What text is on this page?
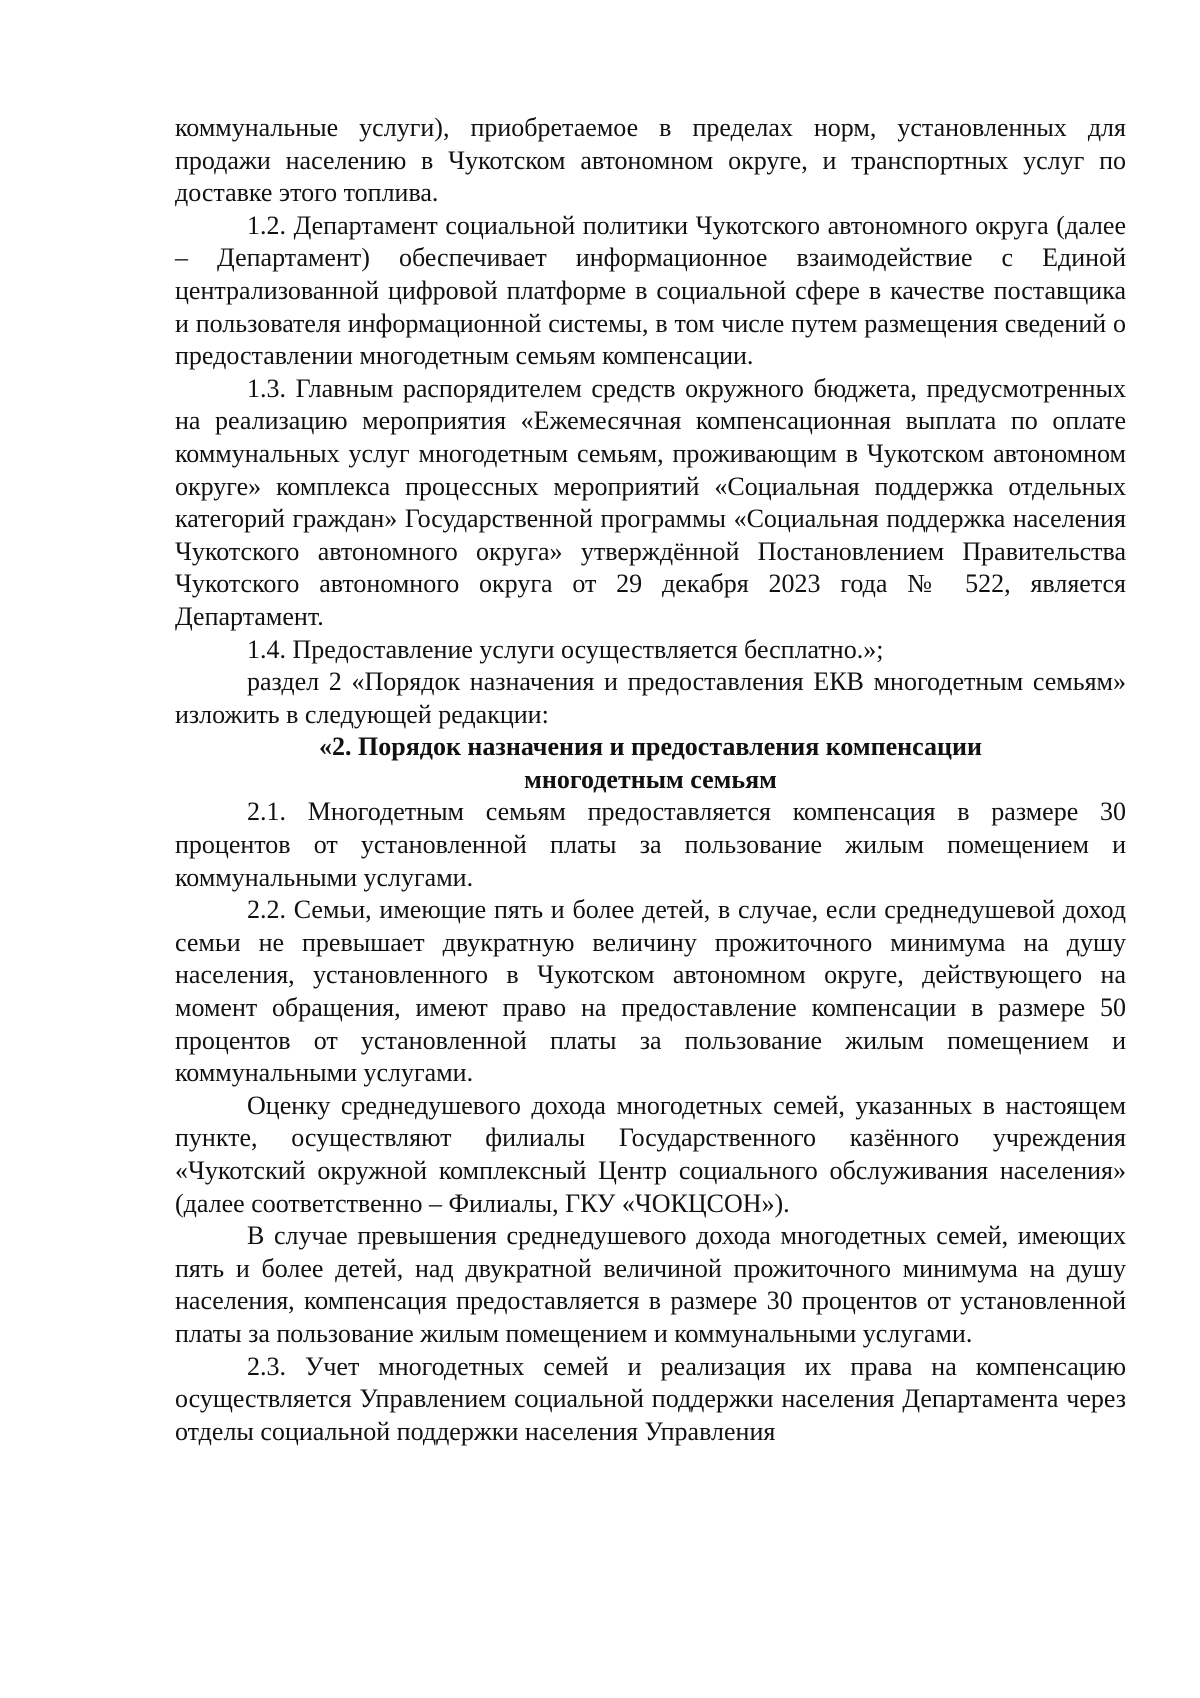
коммунальные услуги), приобретаемое в пределах норм, установленных для продажи населению в Чукотском автономном округе, и транспортных услуг по доставке этого топлива.

1.2. Департамент социальной политики Чукотского автономного округа (далее – Департамент) обеспечивает информационное взаимодействие с Единой централизованной цифровой платформе в социальной сфере в качестве поставщика и пользователя информационной системы, в том числе путем размещения сведений о предоставлении многодетным семьям компенсации.

1.3. Главным распорядителем средств окружного бюджета, предусмотренных на реализацию мероприятия «Ежемесячная компенсационная выплата по оплате коммунальных услуг многодетным семьям, проживающим в Чукотском автономном округе» комплекса процессных мероприятий «Социальная поддержка отдельных категорий граждан» Государственной программы «Социальная поддержка населения Чукотского автономного округа» утверждённой Постановлением Правительства Чукотского автономного округа от 29 декабря 2023 года № 522, является Департамент.

1.4. Предоставление услуги осуществляется бесплатно.»;

раздел 2 «Порядок назначения и предоставления ЕКВ многодетным семьям» изложить в следующей редакции:

«2. Порядок назначения и предоставления компенсации
многодетным семьям

2.1. Многодетным семьям предоставляется компенсация в размере 30 процентов от установленной платы за пользование жилым помещением и коммунальными услугами.

2.2. Семьи, имеющие пять и более детей, в случае, если среднедушевой доход семьи не превышает двукратную величину прожиточного минимума на душу населения, установленного в Чукотском автономном округе, действующего на момент обращения, имеют право на предоставление компенсации в размере 50 процентов от установленной платы за пользование жилым помещением и коммунальными услугами.

Оценку среднедушевого дохода многодетных семей, указанных в настоящем пункте, осуществляют филиалы Государственного казённого учреждения «Чукотский окружной комплексный Центр социального обслуживания населения» (далее соответственно – Филиалы, ГКУ «ЧОКЦСОН»).

В случае превышения среднедушевого дохода многодетных семей, имеющих пять и более детей, над двукратной величиной прожиточного минимума на душу населения, компенсация предоставляется в размере 30 процентов от установленной платы за пользование жилым помещением и коммунальными услугами.

2.3. Учет многодетных семей и реализация их права на компенсацию осуществляется Управлением социальной поддержки населения Департамента через отделы социальной поддержки населения Управления
